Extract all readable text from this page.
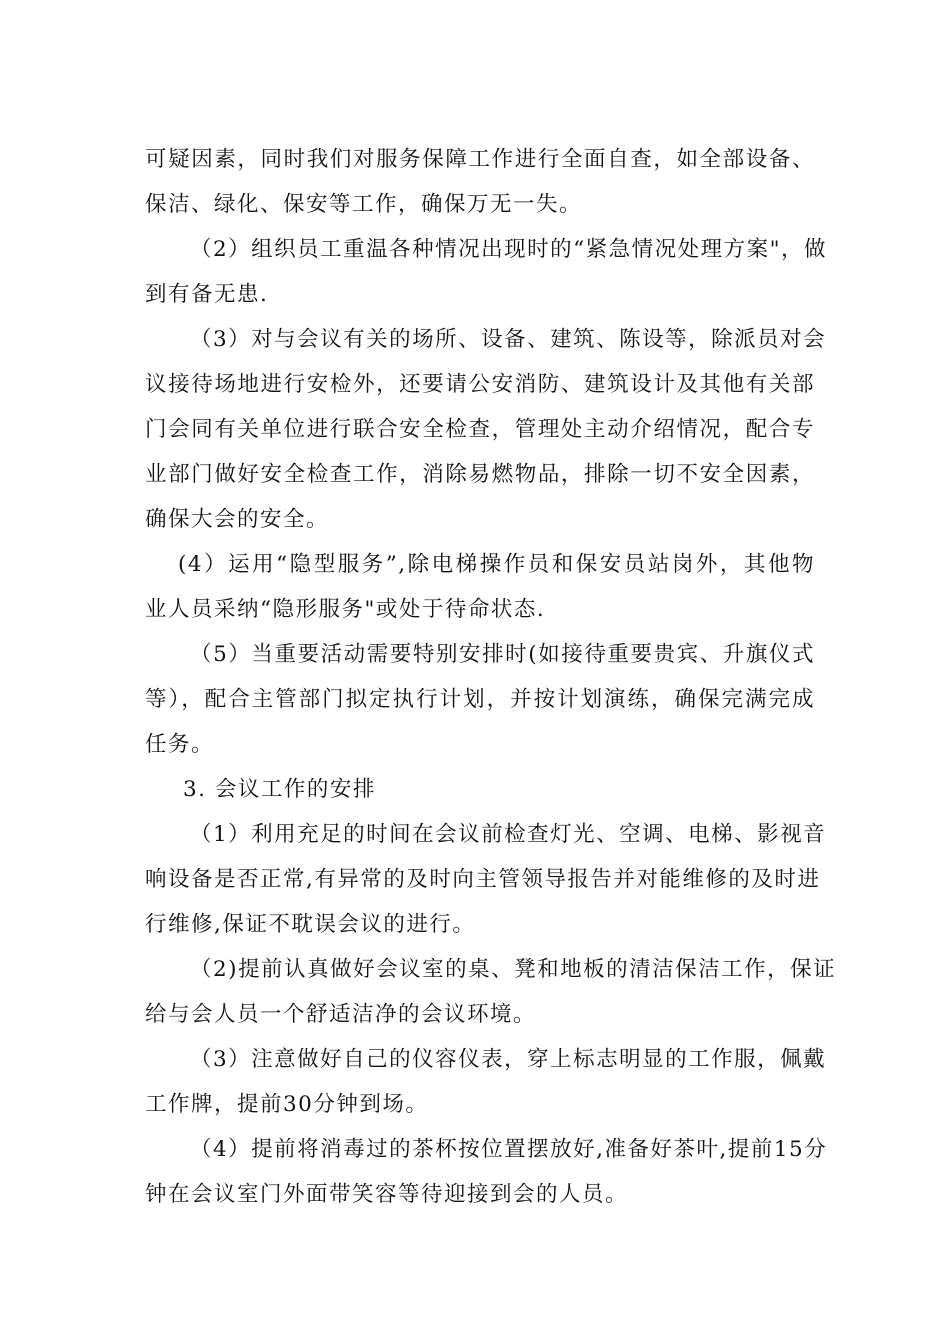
可疑因素，同时我们对服务保障工作进行全面自查，如全部设备、
保洁、绿化、保安等工作，确保万无一失。
（2）组织员工重温各种情况出现时的“紧急情况处理方案"，做
到有备无患.
（3）对与会议有关的场所、设备、建筑、陈设等，除派员对会
议接待场地进行安检外，还要请公安消防、建筑设计及其他有关部
门会同有关单位进行联合安全检查，管理处主动介绍情况，配合专
业部门做好安全检查工作，消除易燃物品，排除一切不安全因素，
确保大会的安全。
(4）运用“隐型服务”,除电梯操作员和保安员站岗外，其他物
业人员采纳“隐形服务"或处于待命状态.
（5）当重要活动需要特别安排时(如接待重要贵宾、升旗仪式
等），配合主管部门拟定执行计划，并按计划演练，确保完满完成
任务。
3. 会议工作的安排
（1）利用充足的时间在会议前检查灯光、空调、电梯、影视音
响设备是否正常,有异常的及时向主管领导报告并对能维修的及时进
行维修,保证不耽误会议的进行。
（2)提前认真做好会议室的桌、凳和地板的清洁保洁工作，保证
给与会人员一个舒适洁净的会议环境。
（3）注意做好自己的仪容仪表，穿上标志明显的工作服，佩戴
工作牌，提前30分钟到场。
（4）提前将消毒过的茶杯按位置摆放好,准备好茶叶,提前15分
钟在会议室门外面带笑容等待迎接到会的人员。
